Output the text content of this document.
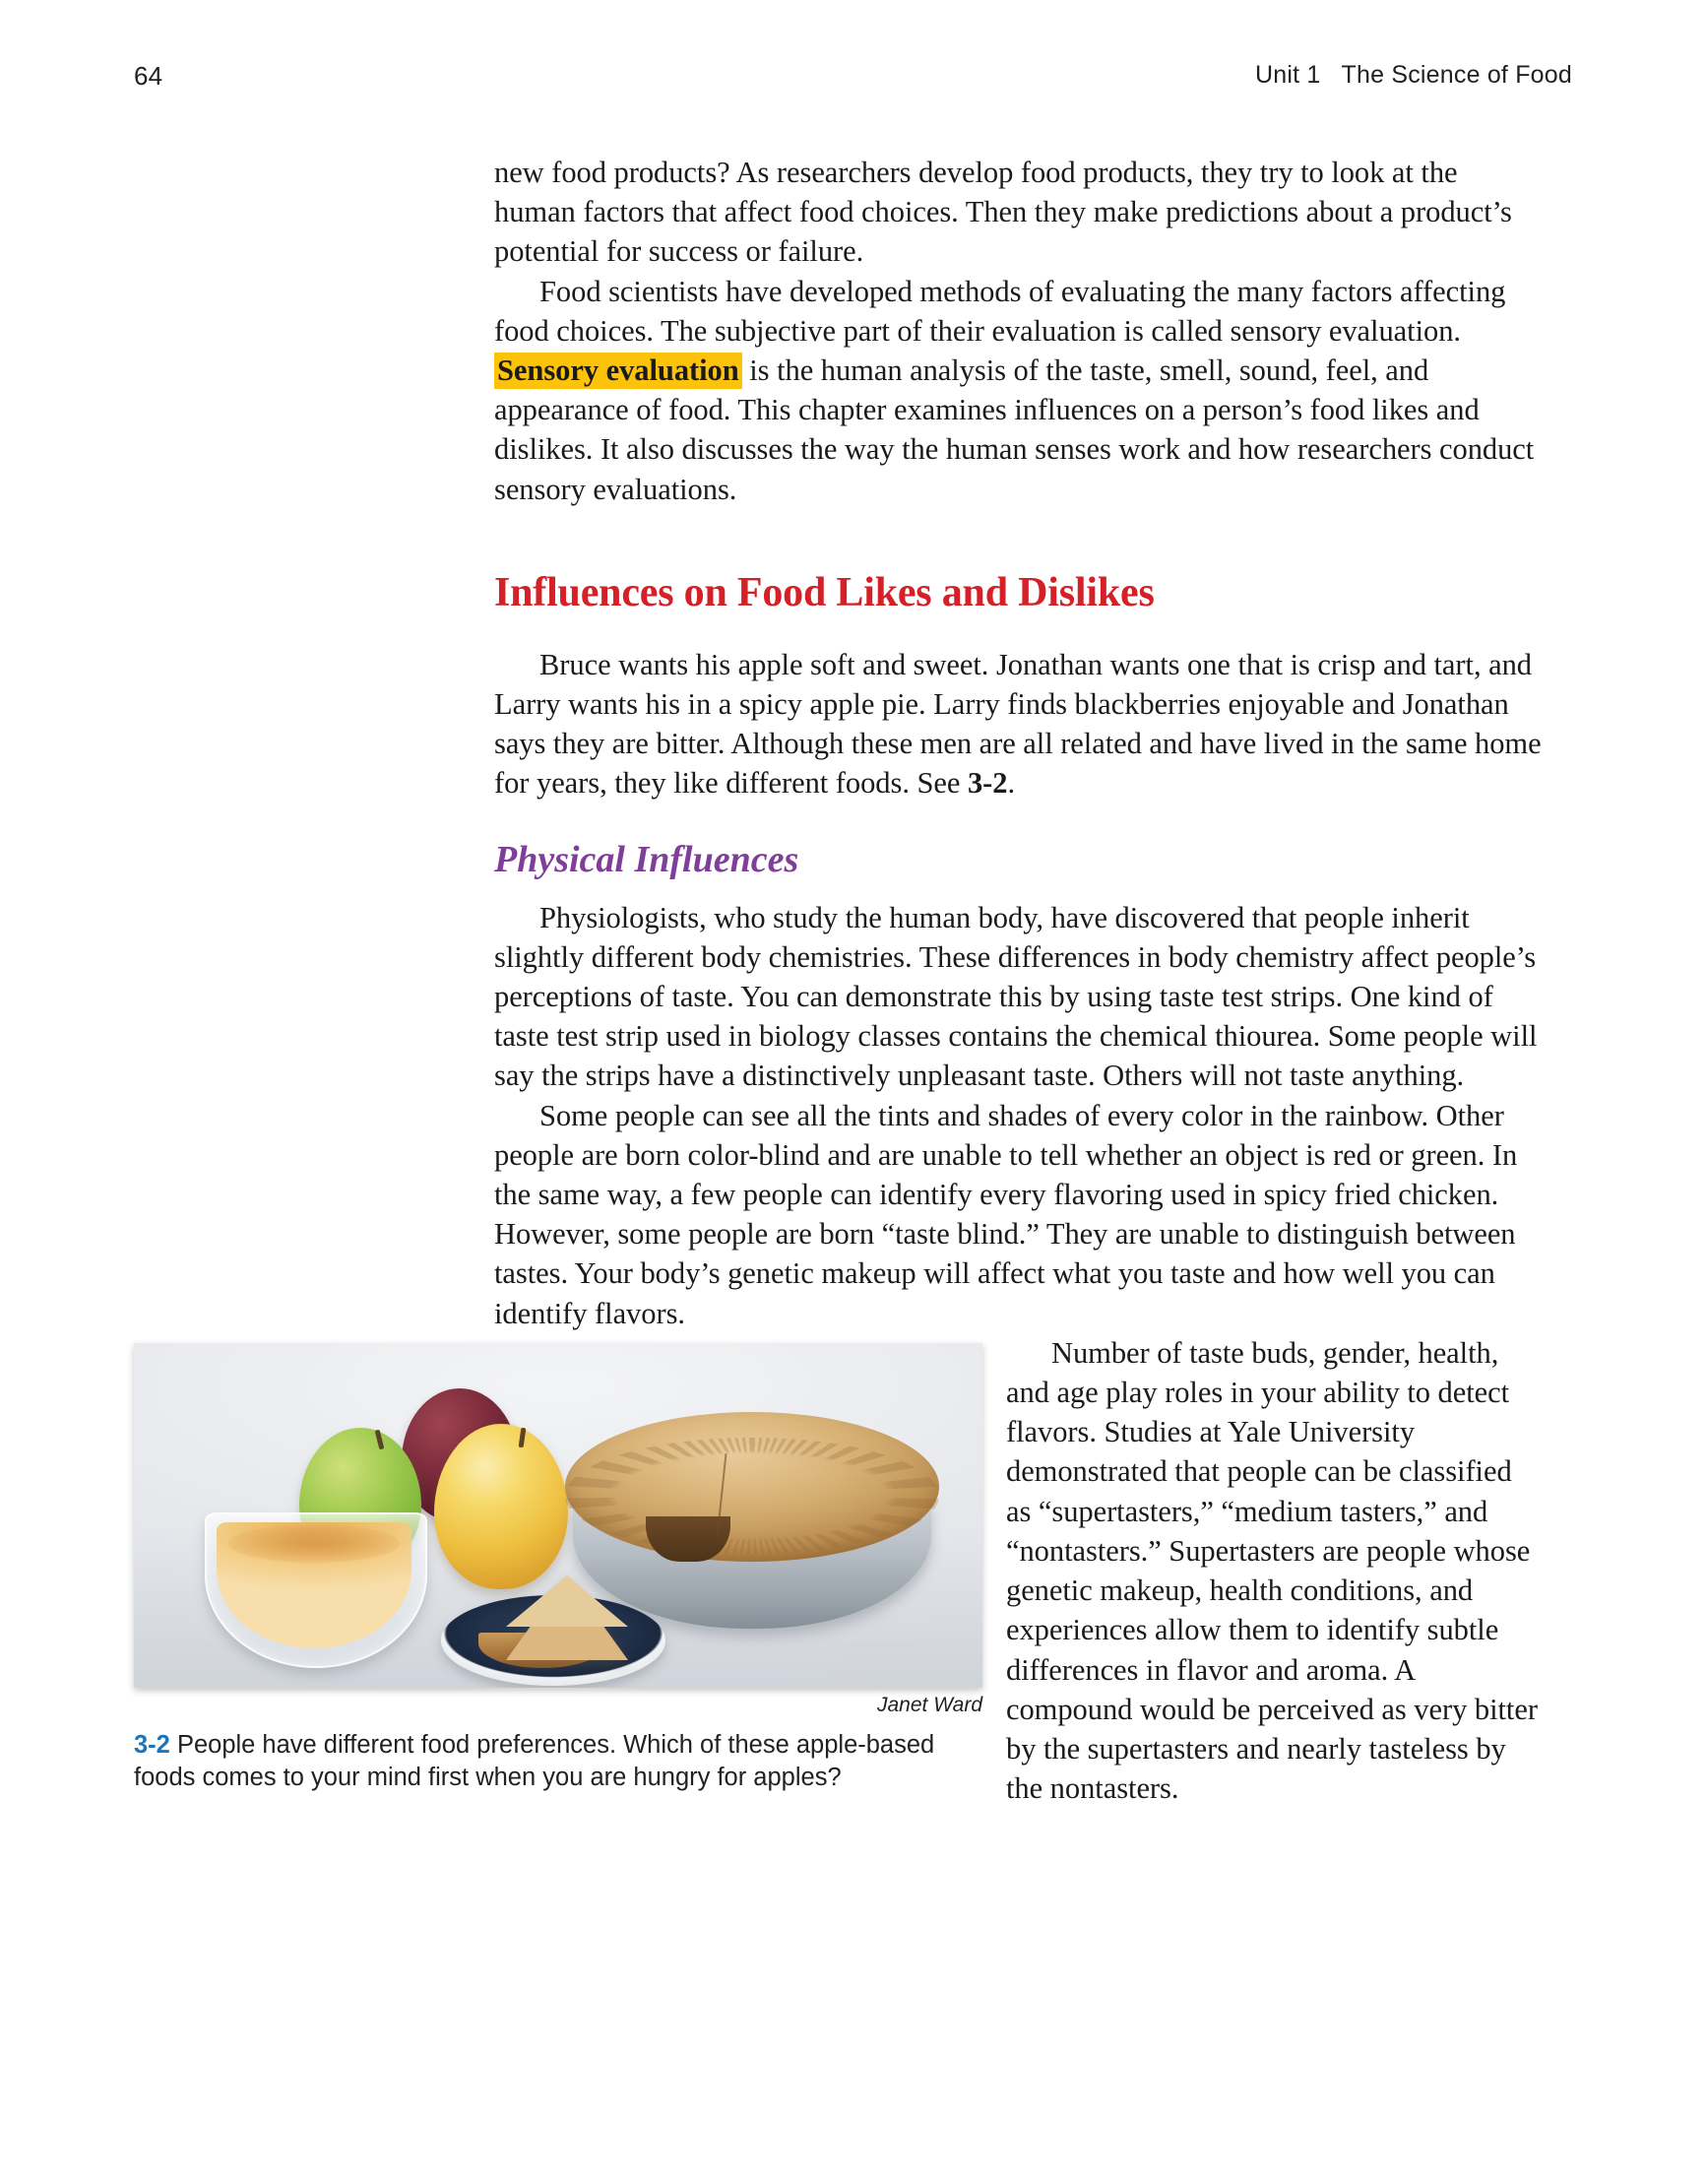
64	Unit 1   The Science of Food

new food products? As researchers develop food products, they try to look at the human factors that affect food choices. Then they make predictions about a product’s potential for success or failure.

Food scientists have developed methods of evaluating the many factors affecting food choices. The subjective part of their evaluation is called sensory evaluation. Sensory evaluation is the human analysis of the taste, smell, sound, feel, and appearance of food. This chapter examines influences on a person’s food likes and dislikes. It also discusses the way the human senses work and how researchers conduct sensory evaluations.

Influences on Food Likes and Dislikes

Bruce wants his apple soft and sweet. Jonathan wants one that is crisp and tart, and Larry wants his in a spicy apple pie. Larry finds blackberries enjoyable and Jonathan says they are bitter. Although these men are all related and have lived in the same home for years, they like different foods. See 3-2.

Physical Influences

Physiologists, who study the human body, have discovered that people inherit slightly different body chemistries. These differences in body chemistry affect people’s perceptions of taste. You can demonstrate this by using taste test strips. One kind of taste test strip used in biology classes contains the chemical thiourea. Some people will say the strips have a distinctively unpleasant taste. Others will not taste anything.

Some people can see all the tints and shades of every color in the rainbow. Other people are born color-blind and are unable to tell whether an object is red or green. In the same way, a few people can identify every flavoring used in spicy fried chicken. However, some people are born “taste blind.” They are unable to distinguish between tastes. Your body’s genetic makeup will affect what you taste and how well you can identify flavors.

Janet Ward
3-2 People have different food preferences. Which of these apple-based foods comes to your mind first when you are hungry for apples?

Number of taste buds, gender, health, and age play roles in your ability to detect flavors. Studies at Yale University demonstrated that people can be classified as “supertasters,” “medium tasters,” and “nontasters.” Supertasters are people whose genetic makeup, health conditions, and experiences allow them to identify subtle differences in flavor and aroma. A compound would be perceived as very bitter by the supertasters and nearly tasteless by the nontasters.
